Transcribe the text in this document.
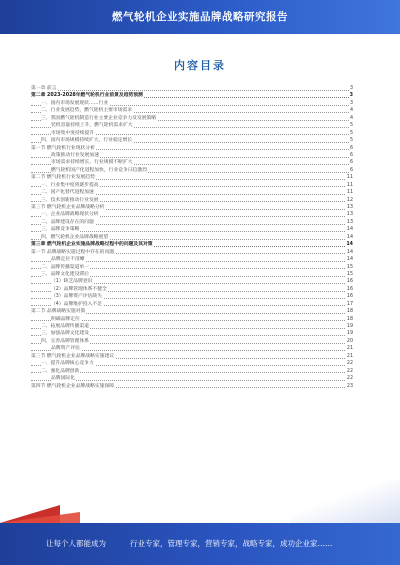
燃气轮机企业实施品牌战略研究报告
内容目录
第一章 前言	3
第二章 2023-2028年燃气轮机行业前景及趋势预测	3
一、国内市场发展现状……行业	3
二、行业发展趋势，燃气轮机主要市场需求	4
三、我国燃气轮机制造行业主要企业竞争力及发展策略	4
装机容量持续上升，燃气轮机需求扩大	5
市场集中度持续提升	5
四、国内市场规模持续扩大，行业稳定增长	5
第一节 燃气轮机行业现状分析	6
政策推动行业发展加速	6
市场需求持续增长，行业规模不断扩大	6
燃气轮机国产化进程加快，行业竞争日趋激烈	6
第二节 燃气轮机行业发展趋势	11
一、行业集中度将逐步提高	11
二、国产化替代进程加速	11
三、技术创新推动行业发展	12
第三节 燃气轮机企业品牌战略分析	13
一、企业品牌战略现状分析	13
二、品牌建设存在的问题	13
三、品牌竞争策略	14
四、燃气轮机企业品牌战略展望	14
第三章 燃气轮机企业实施品牌战略过程中的问题及其对策	14
第一节 品牌战略实施过程中存在的问题	14
品牌定位不清晰	14
二、品牌传播渠道单一	15
三、品牌文化建设滞后	15
（1）缺乏品牌意识	16
（2）品牌管理体系不健全	16
（3）品牌资产评估缺失	16
（4）品牌维护投入不足	17
第二节 品牌战略实施对策	18
明确品牌定位	18
二、拓展品牌传播渠道	19
三、加强品牌文化建设	19
四、完善品牌管理体系	20
品牌资产评估	21
第三节 燃气轮机企业品牌战略实施建议	21
一、提升品牌核心竞争力	22
二、强化品牌创新	22
品牌国际化	22
第四节 燃气轮机企业品牌战略实施保障	23
让每个人都能成为	行业专家，管理专家，营销专家，战略专家，成功企业家……
